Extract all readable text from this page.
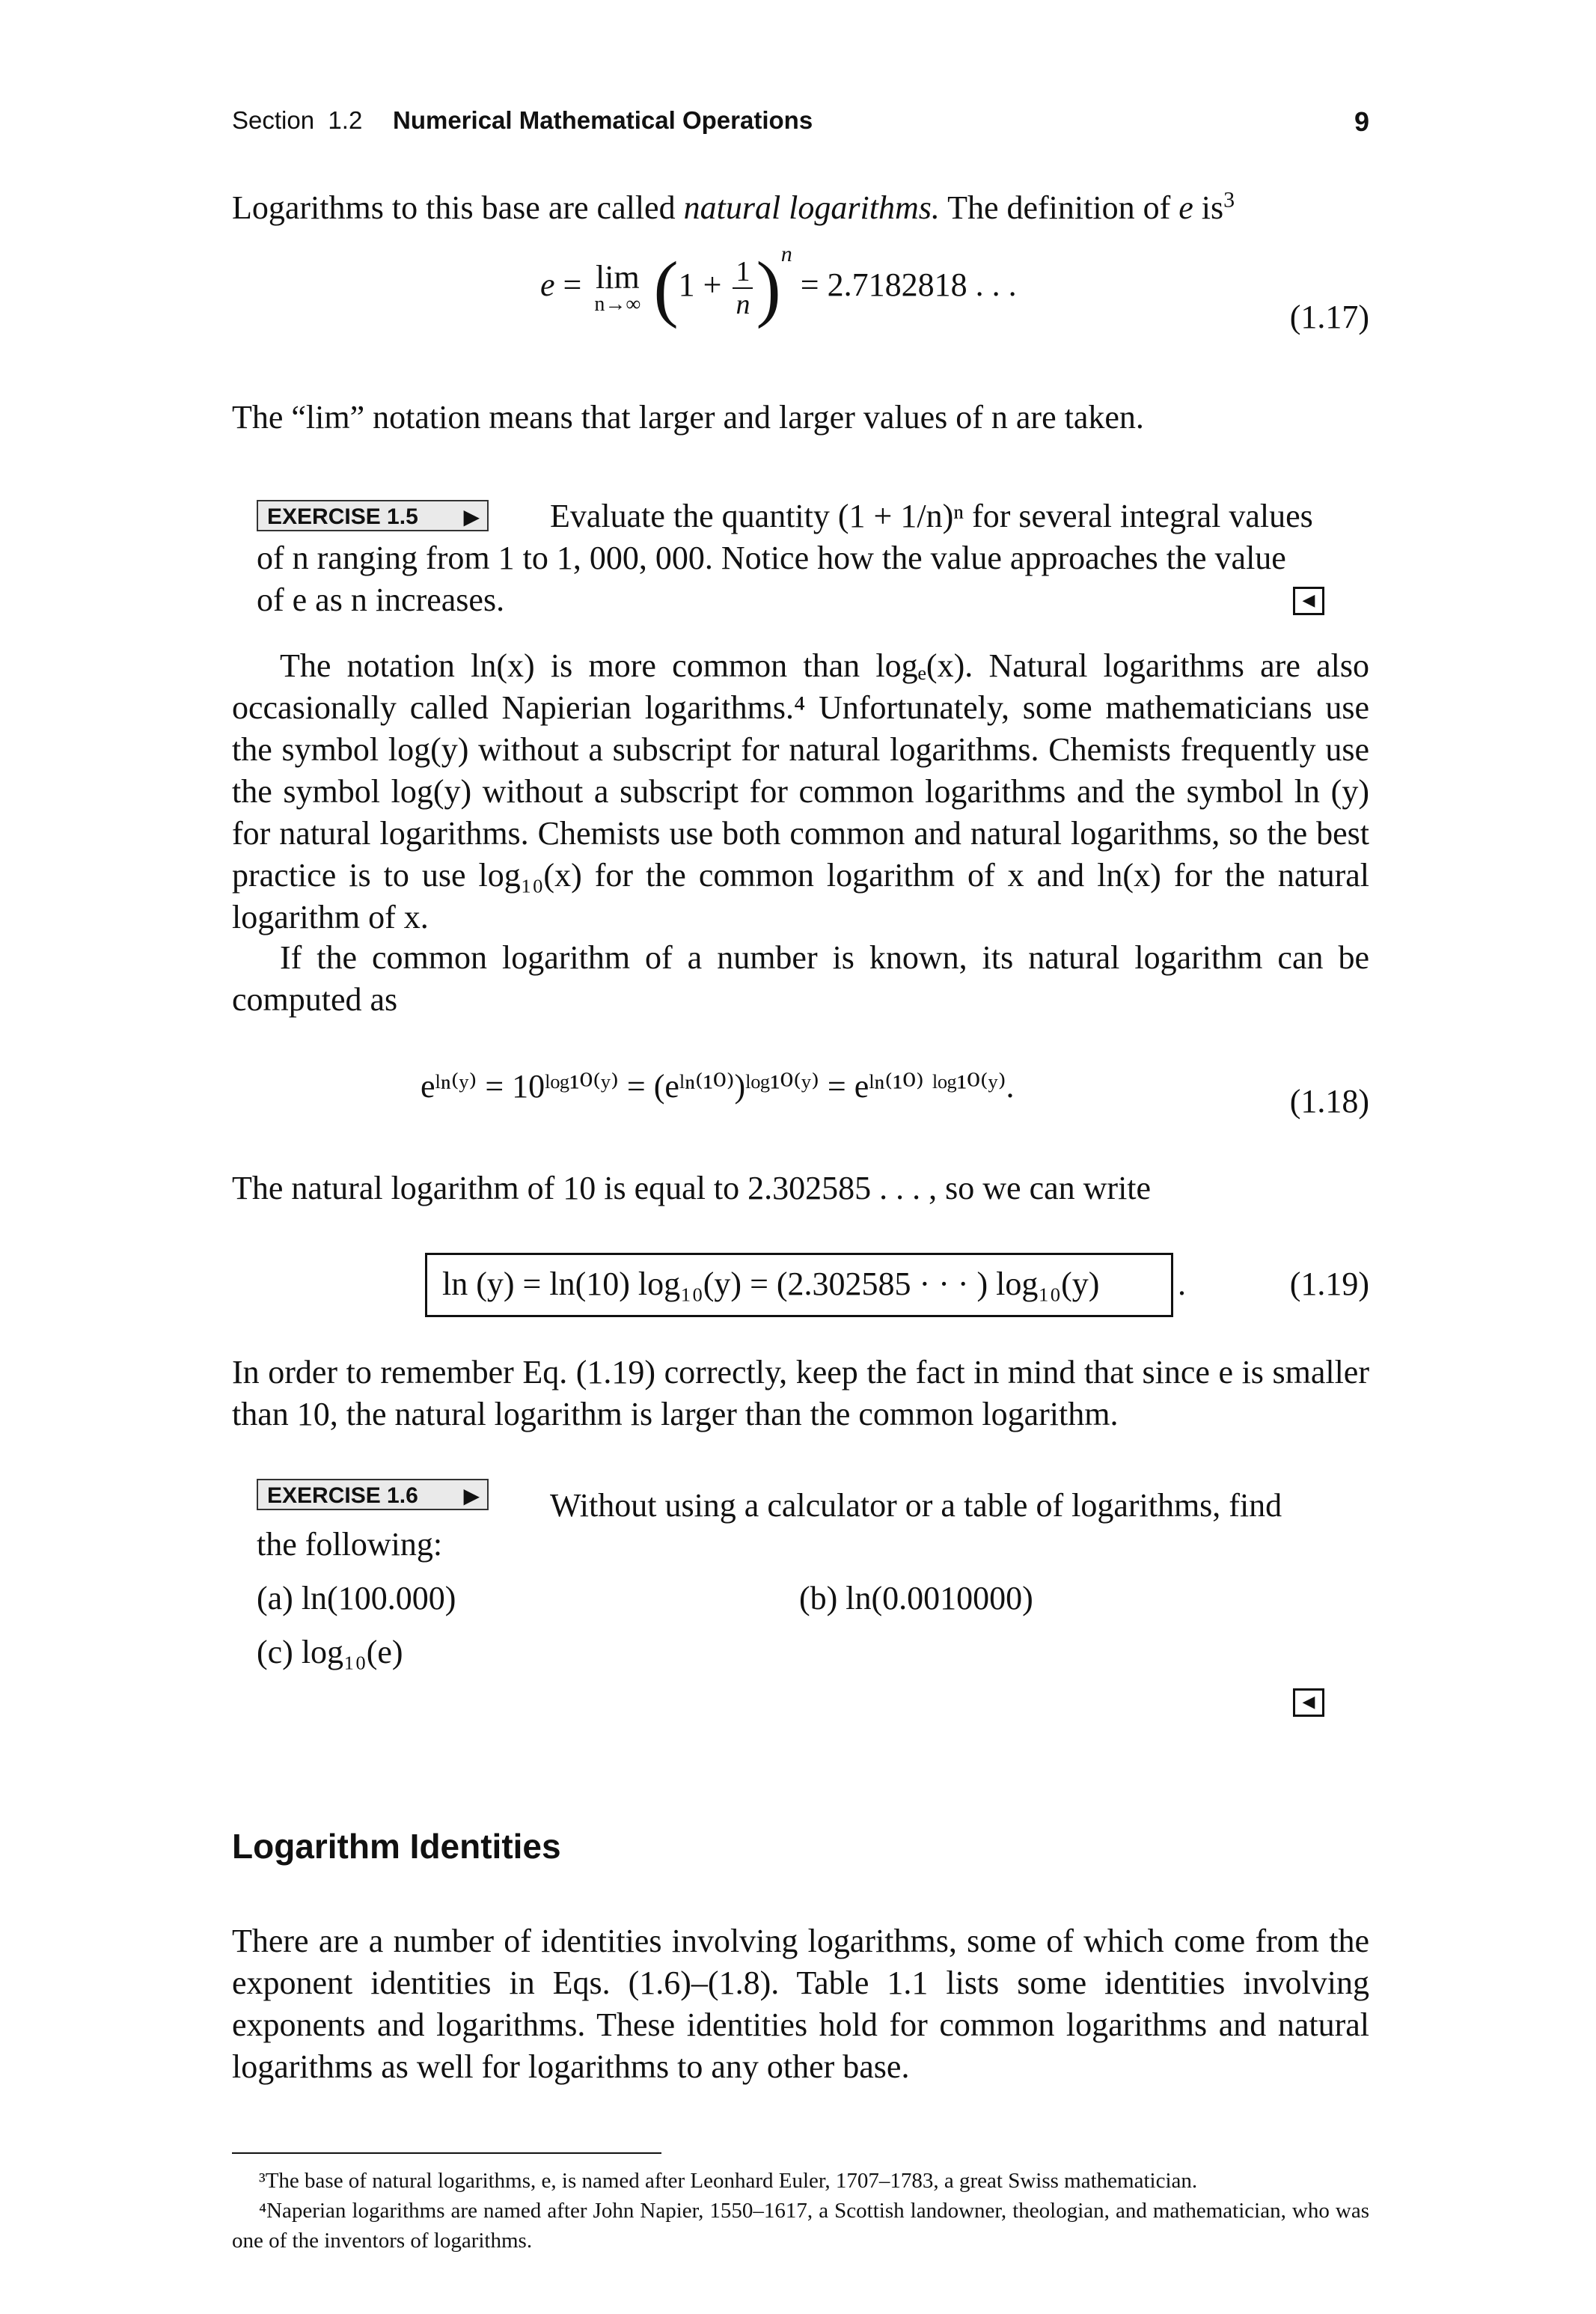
Section 1.2 Numerical Mathematical Operations	9
Logarithms to this base are called natural logarithms. The definition of e $is^3$
e = lim
n→∞ $(1 + \frac{1}{n} )^n = 2.7182818$ . . .
(1.17)
The “lim” notation means that larger and larger values of n are taken.
EXERCISE 1.5 ▶ Evaluate the quantity (1 + 1/n)ⁿ for several integral values
of n ranging from 1 to 1, 000, 000. Notice how the value approaches the value
of e as n increases.	◀
The notation ln(x) is more common than logₑ(x). Natural logarithms are also occasionally called Napierian logarithms.⁴ Unfortunately, some mathematicians use the symbol log(y) without a subscript for natural logarithms. Chemists frequently use the symbol log(y) without a subscript for common logarithms and the symbol ln (y) for natural logarithms. Chemists use both common and natural logarithms, so the best practice is to use log₁₀(x) for the common logarithm of x and ln(x) for the natural logarithm of x.
If the common logarithm of a number is known, its natural logarithm can be computed as
eˡⁿ⁽ʸ⁾ = 10ˡᵒᵍ¹⁰⁽ʸ⁾ = (eˡⁿ⁽¹⁰⁾)ˡᵒᵍ¹⁰⁽ʸ⁾ = eˡⁿ⁽¹⁰⁾ ˡᵒᵍ¹⁰⁽ʸ⁾.	(1.18)
The natural logarithm of 10 is equal to 2.302585 . . . , so we can write
ln (y) = ln(10) log₁₀(y) = (2.302585 · · · ) log₁₀(y)	.	(1.19)
In order to remember Eq. (1.19) correctly, keep the fact in mind that since e is smaller than 10, the natural logarithm is larger than the common logarithm.
EXERCISE 1.6 ▶ Without using a calculator or a table of logarithms, find
the following:
(a) ln(100.000)	(b) ln(0.0010000)
(c) log₁₀(e)
◀
Logarithm Identities
There are a number of identities involving logarithms, some of which come from the exponent identities in Eqs. (1.6)–(1.8). Table 1.1 lists some identities involving exponents and logarithms. These identities hold for common logarithms and natural logarithms as well for logarithms to any other base.
³The base of natural logarithms, e, is named after Leonhard Euler, 1707–1783, a great Swiss mathematician.
⁴Naperian logarithms are named after John Napier, 1550–1617, a Scottish landowner, theologian, and mathematician, who was one of the inventors of logarithms.
